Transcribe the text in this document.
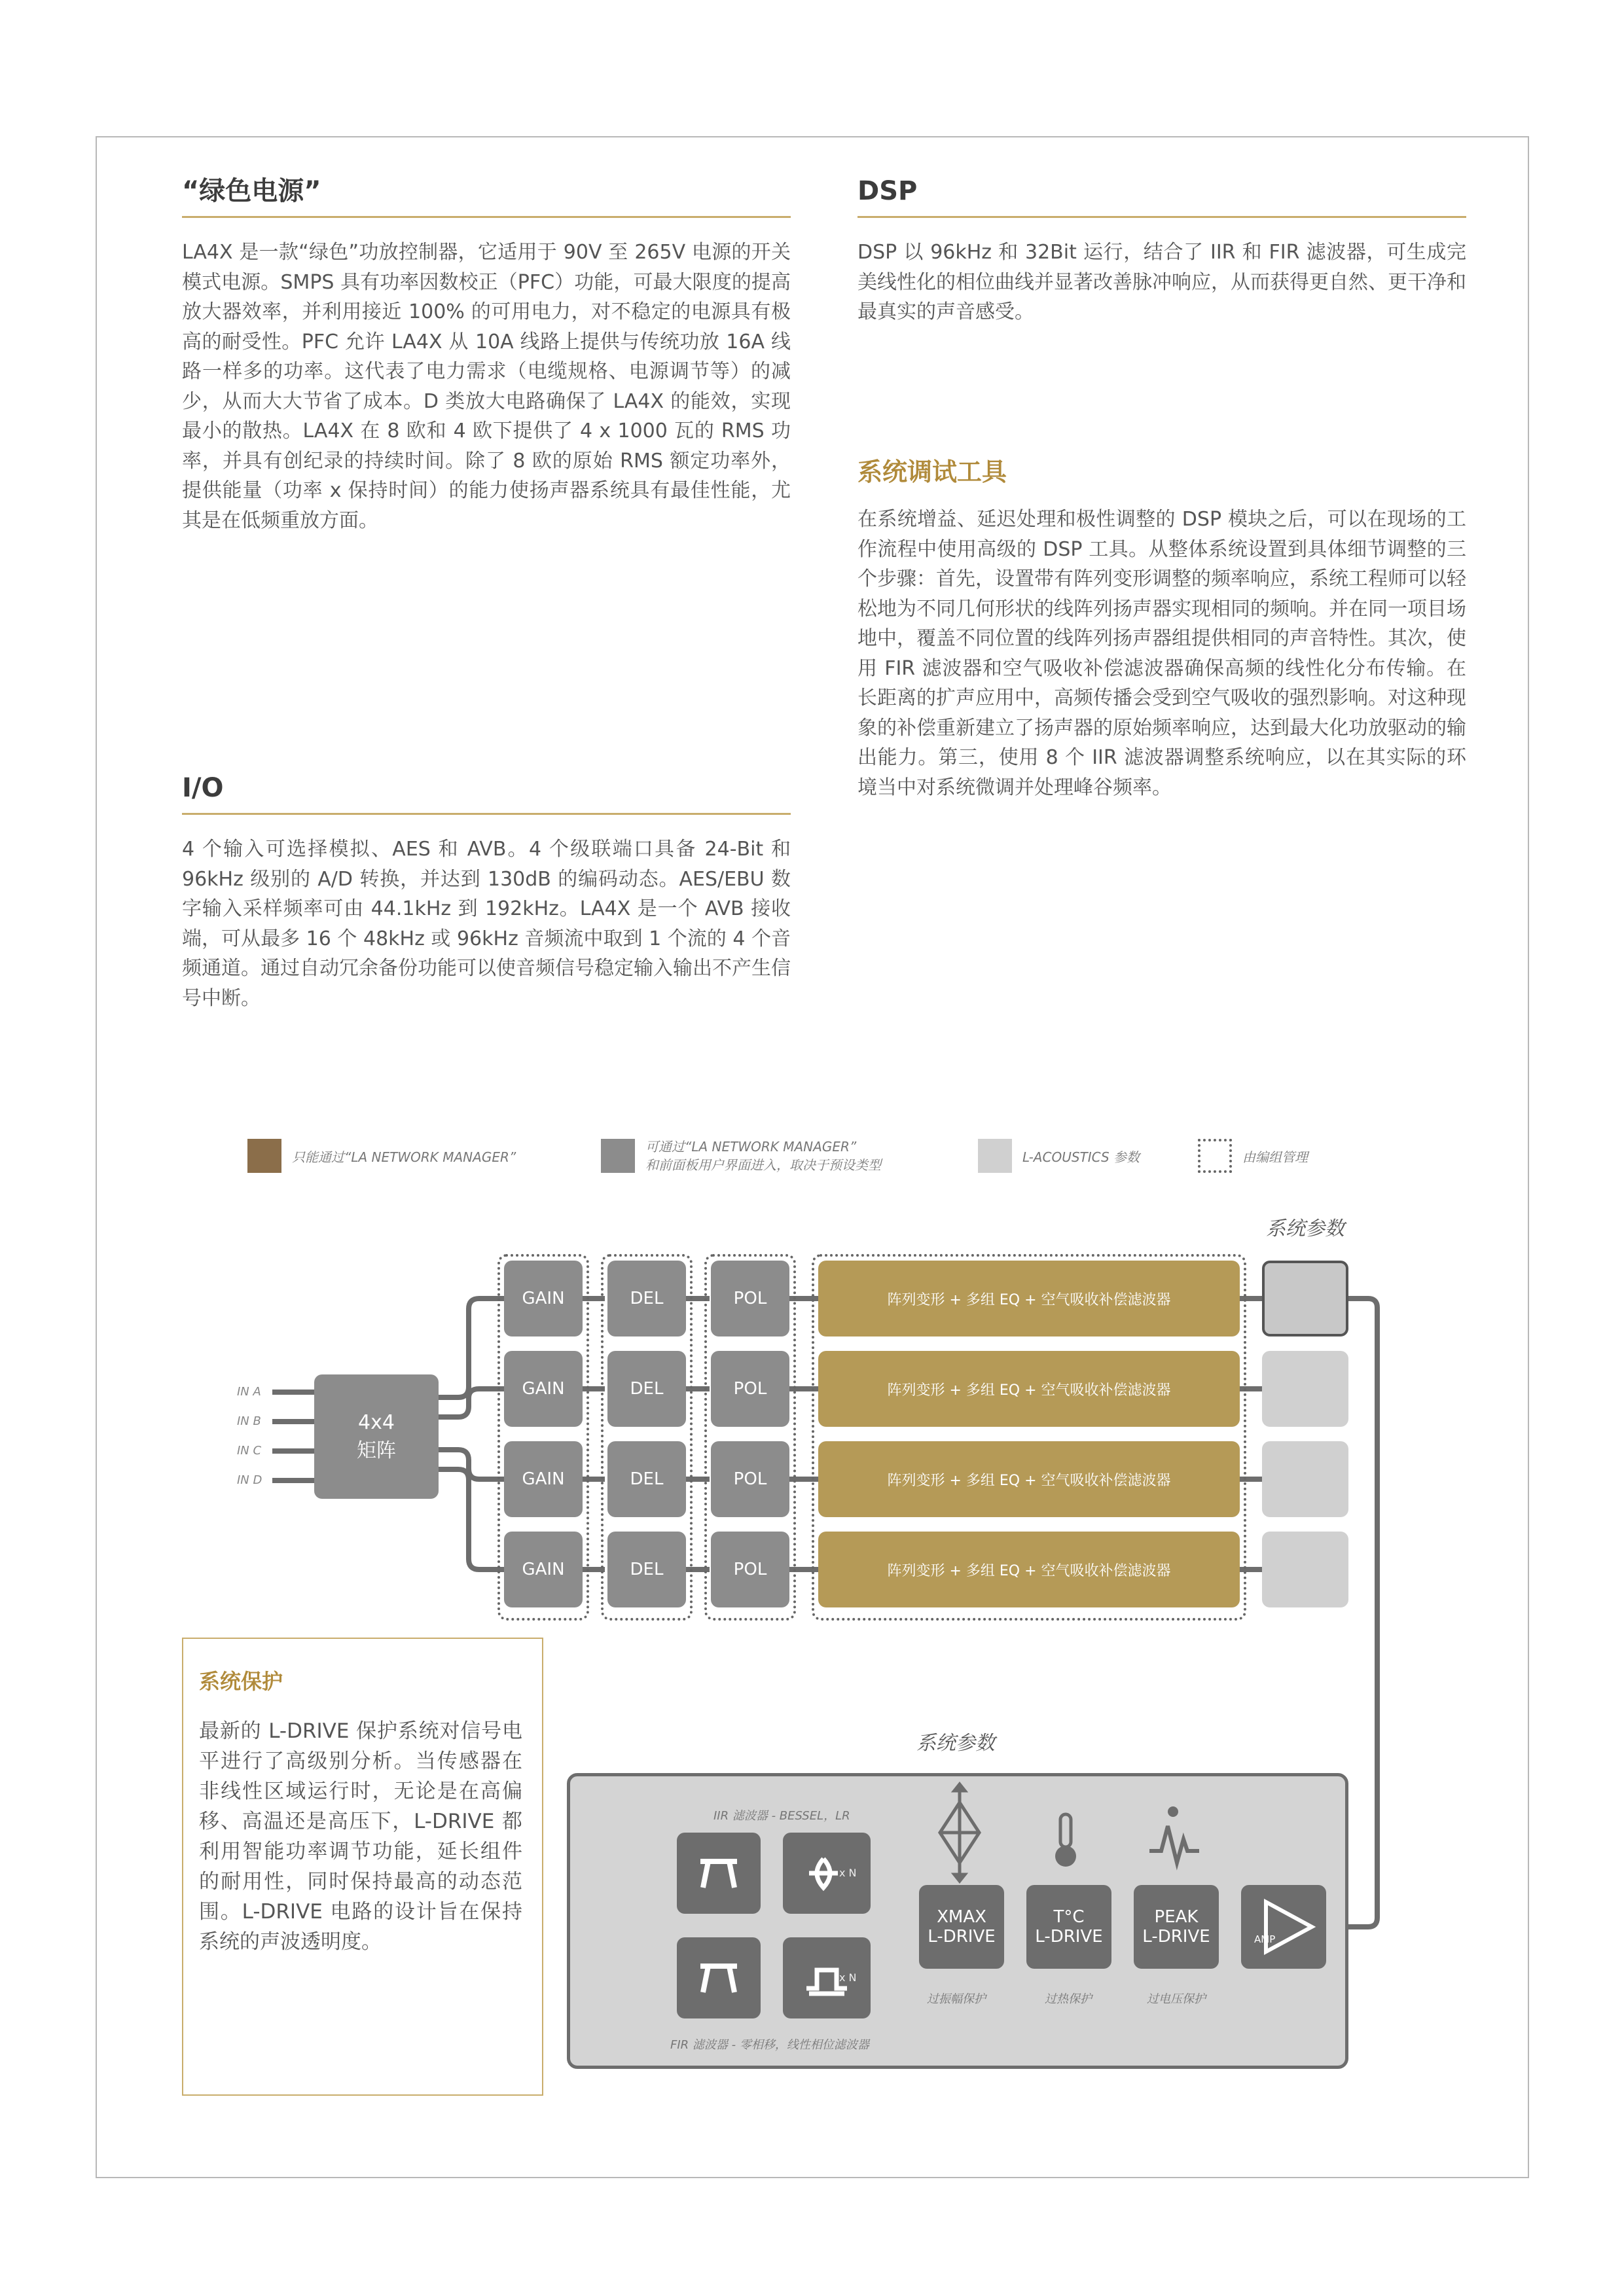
“绿色电源”

LA4X 是一款“绿色”功放控制器，它适用于 90V 至 265V 电源的开关模式电源。SMPS 具有功率因数校正（PFC）功能，可最大限度的提高放大器效率，并利用接近 100% 的可用电力，对不稳定的电源具有极高的耐受性。PFC 允许 LA4X 从 10A 线路上提供与传统功放 16A 线路一样多的功率。这代表了电力需求（电缆规格、电源调节等）的减少，从而大大节省了成本。D 类放大电路确保了 LA4X 的能效，实现最小的散热。LA4X 在 8 欧和 4 欧下提供了 4 x 1000 瓦的 RMS 功率，并具有创纪录的持续时间。除了 8 欧的原始 RMS 额定功率外，提供能量（功率 x 保持时间）的能力使扬声器系统具有最佳性能，尤其是在低频重放方面。

I/O

4 个输入可选择模拟、AES 和 AVB。4 个级联端口具备 24-Bit 和 96kHz 级别的 A/D 转换，并达到 130dB 的编码动态。AES/EBU 数字输入采样频率可由 44.1kHz 到 192kHz。LA4X 是一个 AVB 接收端，可从最多 16 个 48kHz 或 96kHz 音频流中取到 1 个流的 4 个音频通道。通过自动冗余备份功能可以使音频信号稳定输入输出不产生信号中断。

DSP

DSP 以 96kHz 和 32Bit 运行，结合了 IIR 和 FIR 滤波器，可生成完美线性化的相位曲线并显著改善脉冲响应，从而获得更自然、更干净和最真实的声音感受。

系统调试工具

在系统增益、延迟处理和极性调整的 DSP 模块之后，可以在现场的工作流程中使用高级的 DSP 工具。从整体系统设置到具体细节调整的三个步骤：首先，设置带有阵列变形调整的频率响应，系统工程师可以轻松地为不同几何形状的线阵列扬声器实现相同的频响。并在同一项目场地中，覆盖不同位置的线阵列扬声器组提供相同的声音特性。其次，使用 FIR 滤波器和空气吸收补偿滤波器确保高频的线性化分布传输。在长距离的扩声应用中，高频传播会受到空气吸收的强烈影响。对这种现象的补偿重新建立了扬声器的原始频率响应，达到最大化功放驱动的输出能力。第三，使用 8 个 IIR 滤波器调整系统响应，以在其实际的环境当中对系统微调并处理峰谷频率。

只能通过“LA NETWORK MANAGER”
可通过“LA NETWORK MANAGER”
和前面板用户界面进入，取决于预设类型	L-ACOUSTICS 参数	由编组管理
系统参数
IN A
IN B
IN C
IN D
4x4
矩阵
GAIN	DEL	POL	阵列变形 + 多组 EQ + 空气吸收补偿滤波器
GAIN	DEL	POL	阵列变形 + 多组 EQ + 空气吸收补偿滤波器
GAIN	DEL	POL	阵列变形 + 多组 EQ + 空气吸收补偿滤波器
GAIN	DEL	POL	阵列变形 + 多组 EQ + 空气吸收补偿滤波器
系统保护

最新的 L-DRIVE 保护系统对信号电平进行了高级别分析。当传感器在非线性区域运行时，无论是在高偏移、高温还是高压下，L-DRIVE 都利用智能功率调节功能，延长组件的耐用性，同时保持最高的动态范围。L-DRIVE 电路的设计旨在保持系统的声波透明度。

系统参数
IIR 滤波器 - BESSEL，LR
FIR 滤波器 - 零相移，线性相位滤波器
x N
x N
XMAX
L-DRIVE
T°C
L-DRIVE
PEAK
L-DRIVE	AMP
过振幅保护	过热保护	过电压保护
